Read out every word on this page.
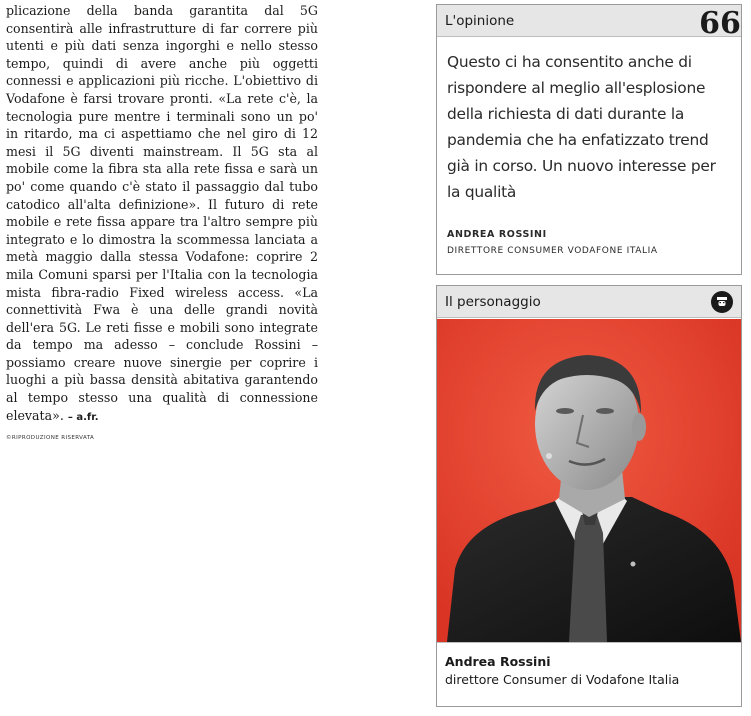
plicazione della banda garantita dal 5G consentirà alle infrastrutture di far correre più utenti e più dati senza ingorghi e nello stesso tempo, quindi di avere anche più oggetti connessi e applicazioni più ricche. L'obiettivo di Vodafone è farsi trovare pronti. «La rete c'è, la tecnologia pure mentre i terminali sono un po' in ritardo, ma ci aspettiamo che nel giro di 12 mesi il 5G diventi mainstream. Il 5G sta al mobile come la fibra sta alla rete fissa e sarà un po' come quando c'è stato il passaggio dal tubo catodico all'alta definizione». Il futuro di rete mobile e rete fissa appare tra l'altro sempre più integrato e lo dimostra la scommessa lanciata a metà maggio dalla stessa Vodafone: coprire 2 mila Comuni sparsi per l'Italia con la tecnologia mista fibra-radio Fixed wireless access. «La connettività Fwa è una delle grandi novità dell'era 5G. Le reti fisse e mobili sono integrate da tempo ma adesso – conclude Rossini – possiamo creare nuove sinergie per coprire i luoghi a più bassa densità abitativa garantendo al tempo stesso una qualità di connessione elevata». – a.fr.

©RIPRODUZIONE RISERVATA
L'opinione	66

Questo ci ha consentito anche di rispondere al meglio all'esplosione della richiesta di dati durante la pandemia che ha enfatizzato trend già in corso. Un nuovo interesse per la qualità

ANDREA ROSSINI
DIRETTORE CONSUMER VODAFONE ITALIA
Il personaggio
Andrea Rossini
direttore Consumer di Vodafone Italia
